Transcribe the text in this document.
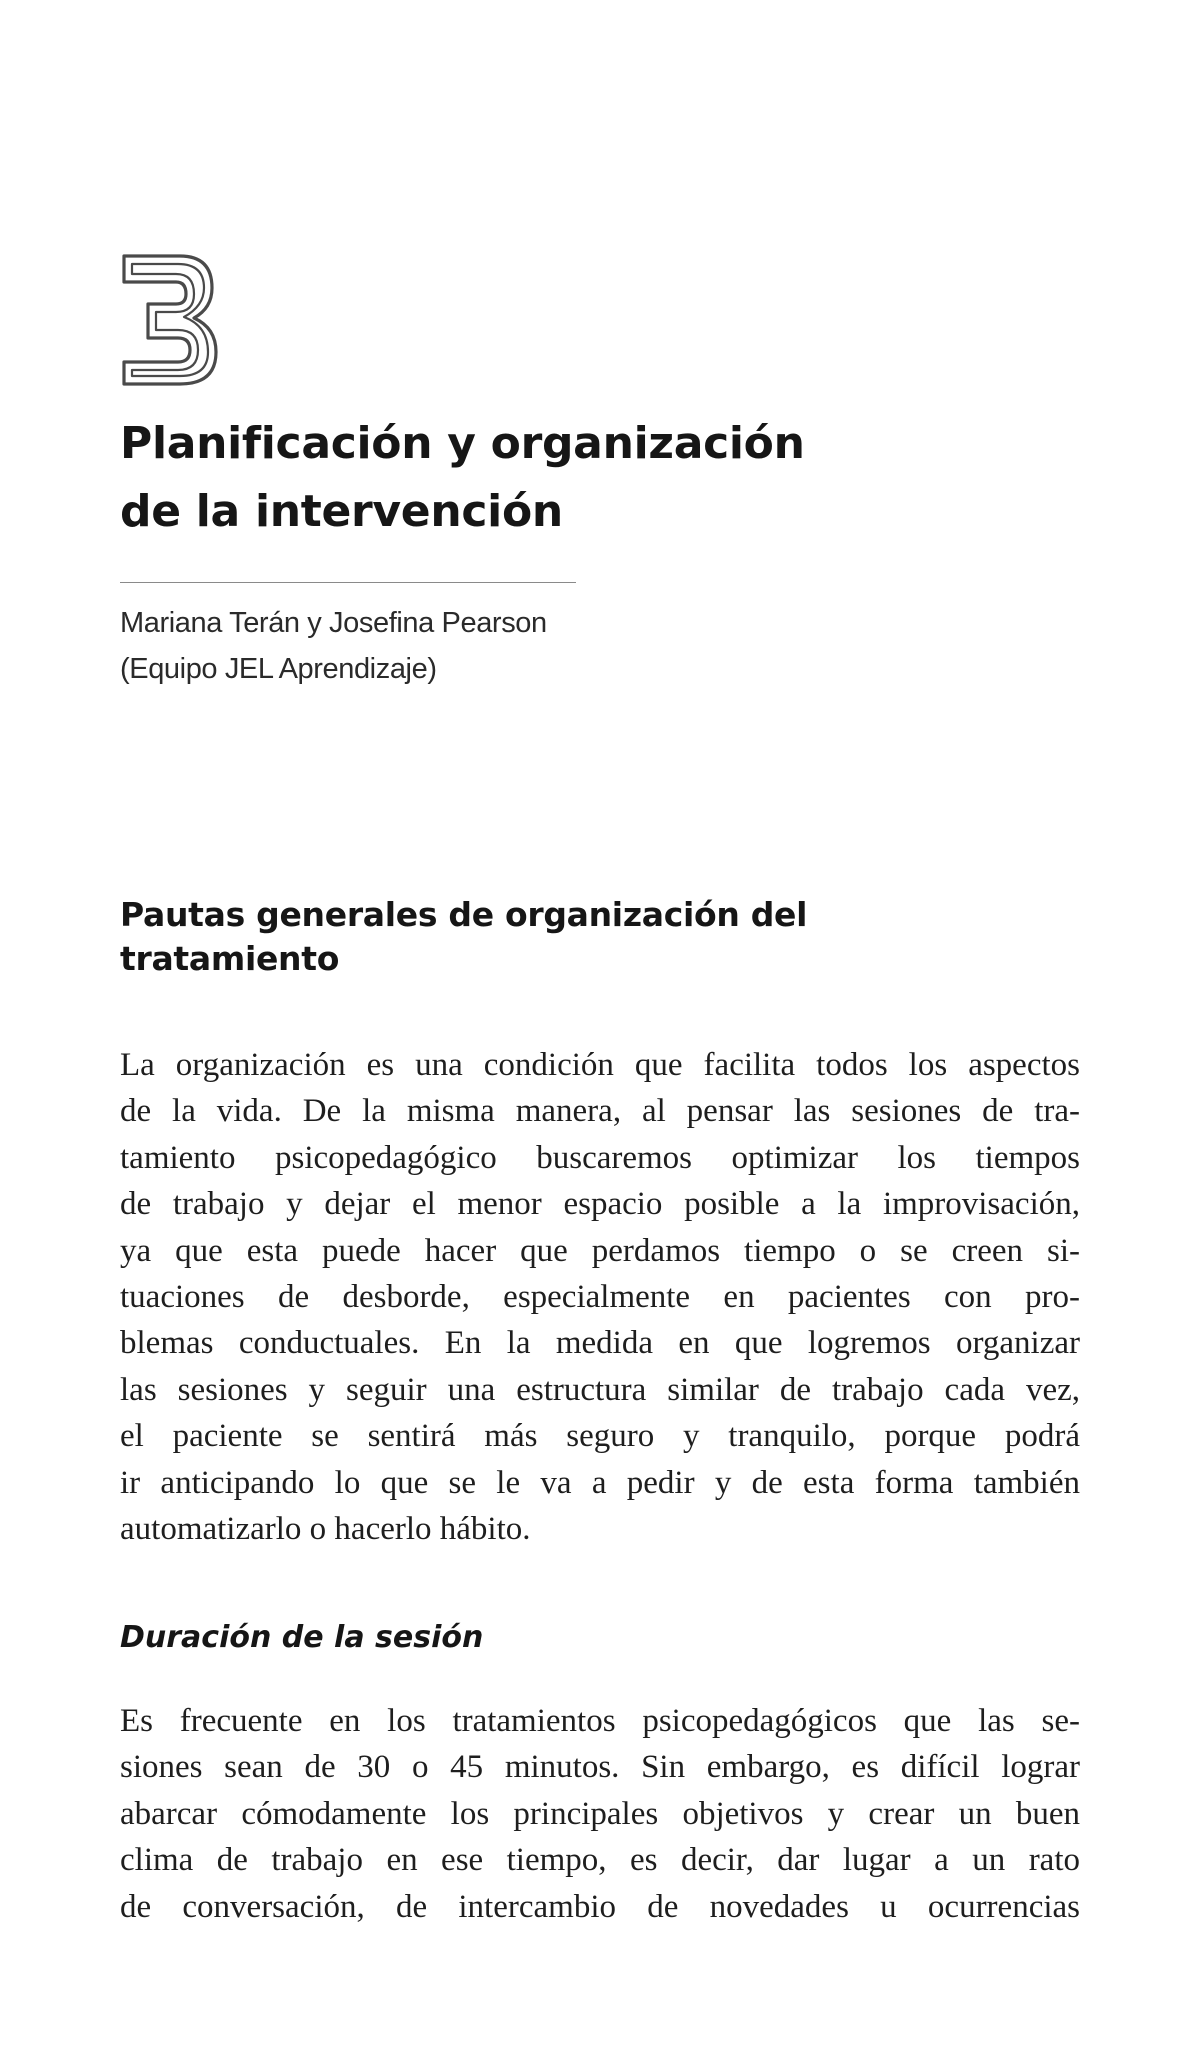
Planificación y organización
de la intervención
Mariana Terán y Josefina Pearson
(Equipo JEL Aprendizaje)
Pautas generales de organización del
tratamiento

La organización es una condición que facilita todos los aspectos
de la vida. De la misma manera, al pensar las sesiones de tra-
tamiento psicopedagógico buscaremos optimizar los tiempos
de trabajo y dejar el menor espacio posible a la improvisación,
ya que esta puede hacer que perdamos tiempo o se creen si-
tuaciones de desborde, especialmente en pacientes con pro-
blemas conductuales. En la medida en que logremos organizar
las sesiones y seguir una estructura similar de trabajo cada vez,
el paciente se sentirá más seguro y tranquilo, porque podrá
ir anticipando lo que se le va a pedir y de esta forma también
automatizarlo o hacerlo hábito.

Duración de la sesión

Es frecuente en los tratamientos psicopedagógicos que las se-
siones sean de 30 o 45 minutos. Sin embargo, es difícil lograr
abarcar cómodamente los principales objetivos y crear un buen
clima de trabajo en ese tiempo, es decir, dar lugar a un rato
de conversación, de intercambio de novedades u ocurrencias
